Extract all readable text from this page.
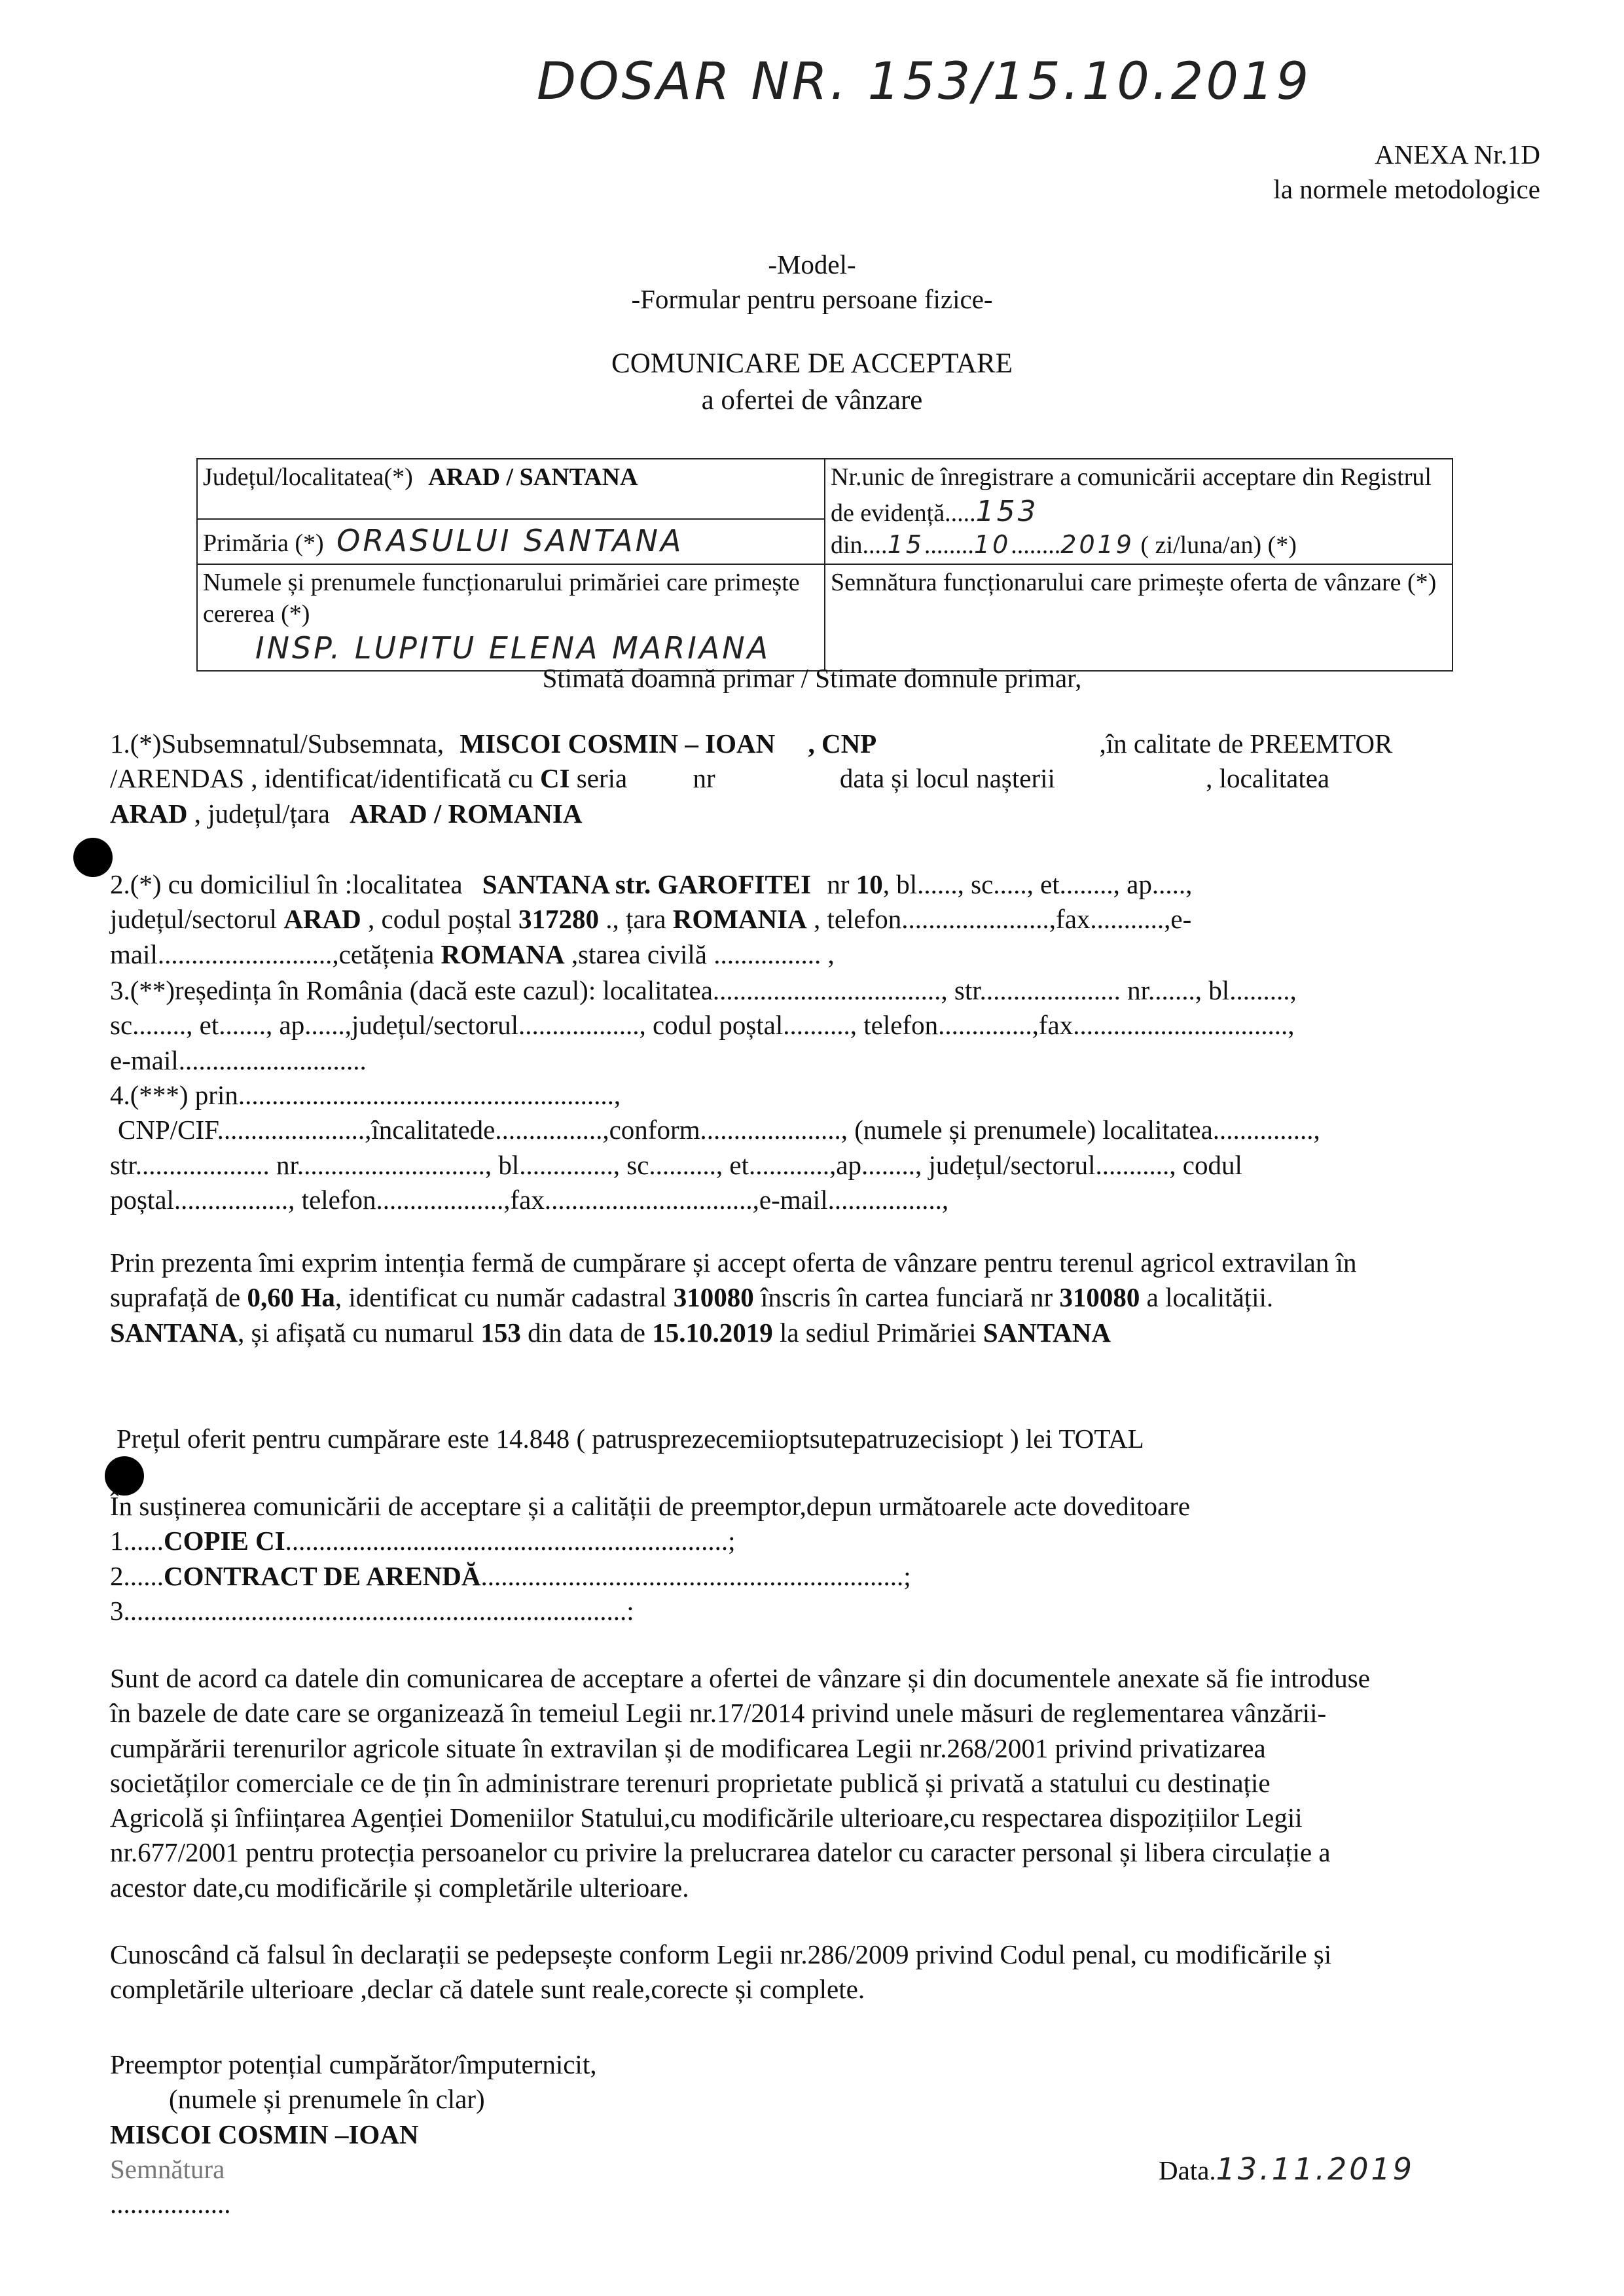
DOSAR NR. 153/15.10.2019
ANEXA Nr.1D
la normele metodologice
-Model-
-Formular pentru persoane fizice-
COMUNICARE DE ACCEPTARE
a ofertei de vânzare
Județul/localitatea(*) ARAD / SANTANA	Nr.unic de înregistrare a comunicării acceptare din Registrul de evidență.....153
din....15........10........2019 ( zi/luna/an) (*)
Primăria (*) ORASULUI SANTANA	

Numele și prenumele funcționarului primăriei care primește cererea (*)
INSP. LUPITU ELENA MARIANA	Semnătura funcționarului care primește oferta de vânzare (*)
Stimată doamnă primar / Stimate domnule primar,
1.(*)Subsemnatul/Subsemnata, MISCOI COSMIN – IOAN , CNP	,în calitate de PREEMTOR
/ARENDAS , identificat/identificată cu CI seria nr	data și locul nașterii	, localitatea
ARAD , județul/țara ARAD / ROMANIA
2.(*) cu domiciliul în :localitatea SANTANA str. GAROFITEI nr 10, bl......, sc....., et........, ap.....,
județul/sectorul ARAD , codul poștal 317280 ., țara ROMANIA , telefon......................,fax...........,e-
mail..........................,cetățenia ROMANA ,starea civilă ................ ,
3.(**)reședința în România (dacă este cazul): localitatea.................................., str..................... nr......., bl.........,
sc........, et......., ap......,județul/sectorul.................., codul poștal.........., telefon..............,fax................................,
e-mail............................
4.(***) prin........................................................,
CNP/CIF......................,încalitatede................,conform....................., (numele și prenumele) localitatea...............,
str.................... nr............................, bl.............., sc.........., et............,ap........, județul/sectorul..........., codul
poștal................., telefon...................,fax...............................,e-mail.................,
Prin prezenta îmi exprim intenția fermă de cumpărare și accept oferta de vânzare pentru terenul agricol extravilan în
suprafață de 0,60 Ha, identificat cu număr cadastral 310080 înscris în cartea funciară nr 310080 a localității.
SANTANA, și afișată cu numarul 153 din data de 15.10.2019 la sediul Primăriei SANTANA
Prețul oferit pentru cumpărare este 14.848 ( patrusprezecemiioptsutepatruzecisiopt ) lei TOTAL
În susținerea comunicării de acceptare și a calității de preemptor,depun următoarele acte doveditoare
1......COPIE CI..................................................................;
2......CONTRACT DE ARENDĂ...............................................................;
3...........................................................................:
Sunt de acord ca datele din comunicarea de acceptare a ofertei de vânzare și din documentele anexate să fie introduse
în bazele de date care se organizează în temeiul Legii nr.17/2014 privind unele măsuri de reglementarea vânzării-
cumpărării terenurilor agricole situate în extravilan și de modificarea Legii nr.268/2001 privind privatizarea
societăților comerciale ce de țin în administrare terenuri proprietate publică și privată a statului cu destinație
Agricolă și înființarea Agenției Domeniilor Statului,cu modificările ulterioare,cu respectarea dispozițiilor Legii
nr.677/2001 pentru protecția persoanelor cu privire la prelucrarea datelor cu caracter personal și libera circulație a
acestor date,cu modificările și completările ulterioare.
Cunoscând că falsul în declarații se pedepsește conform Legii nr.286/2009 privind Codul penal, cu modificările și
completările ulterioare ,declar că datele sunt reale,corecte și complete.
Preemptor potențial cumpărător/împuternicit,
(numele și prenumele în clar)
MISCOI COSMIN –IOAN
Semnătura
..................
Data.13.11.2019
